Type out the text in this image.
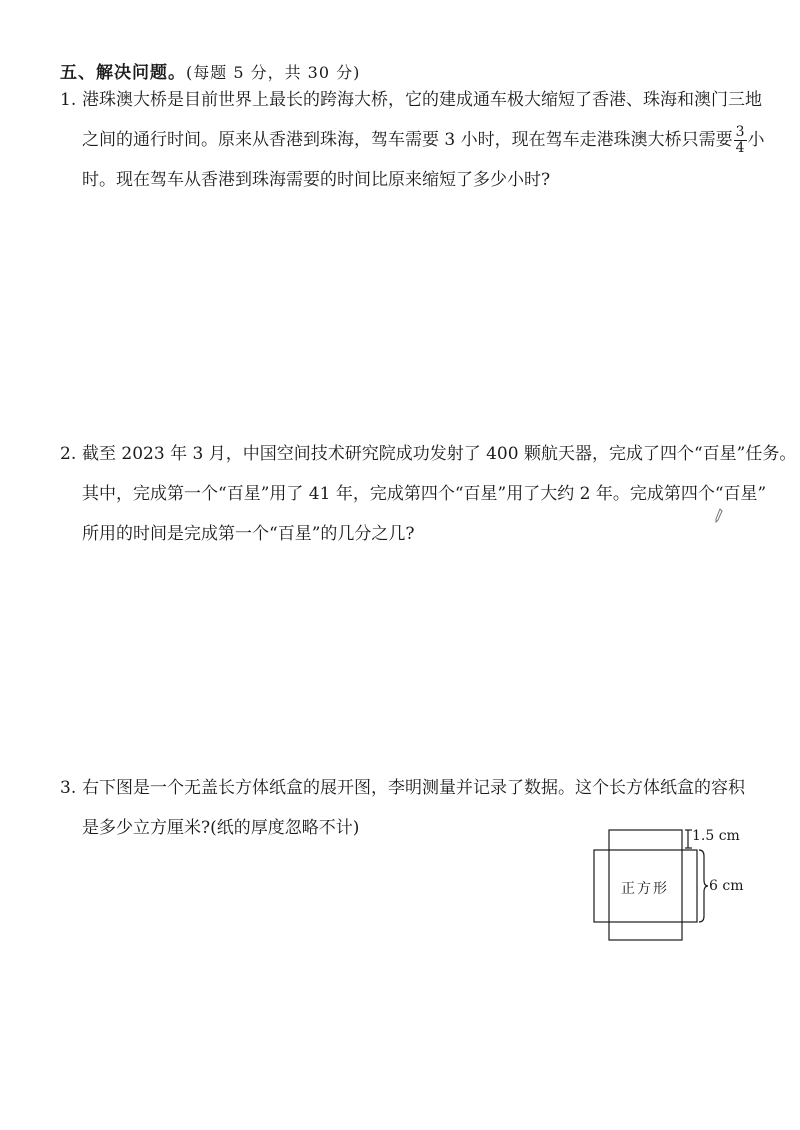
五、解决问题。(每题 5 分，共 30 分)
1. 港珠澳大桥是目前世界上最长的跨海大桥，它的建成通车极大缩短了香港、珠海和澳门三地
之间的通行时间。原来从香港到珠海，驾车需要 3 小时，现在驾车走港珠澳大桥只需要 $\frac{3}{4}$ 小
时。现在驾车从香港到珠海需要的时间比原来缩短了多少小时?
2. 截至 2023 年 3 月，中国空间技术研究院成功发射了 400 颗航天器，完成了四个“百星”任务。
其中，完成第一个“百星”用了 41 年，完成第四个“百星”用了大约 2 年。完成第四个“百星”
所用的时间是完成第一个“百星”的几分之几?
3. 右下图是一个无盖长方体纸盒的展开图，李明测量并记录了数据。这个长方体纸盒的容积
是多少立方厘米?(纸的厚度忽略不计)
正方形
1.5 cm
6 cm
